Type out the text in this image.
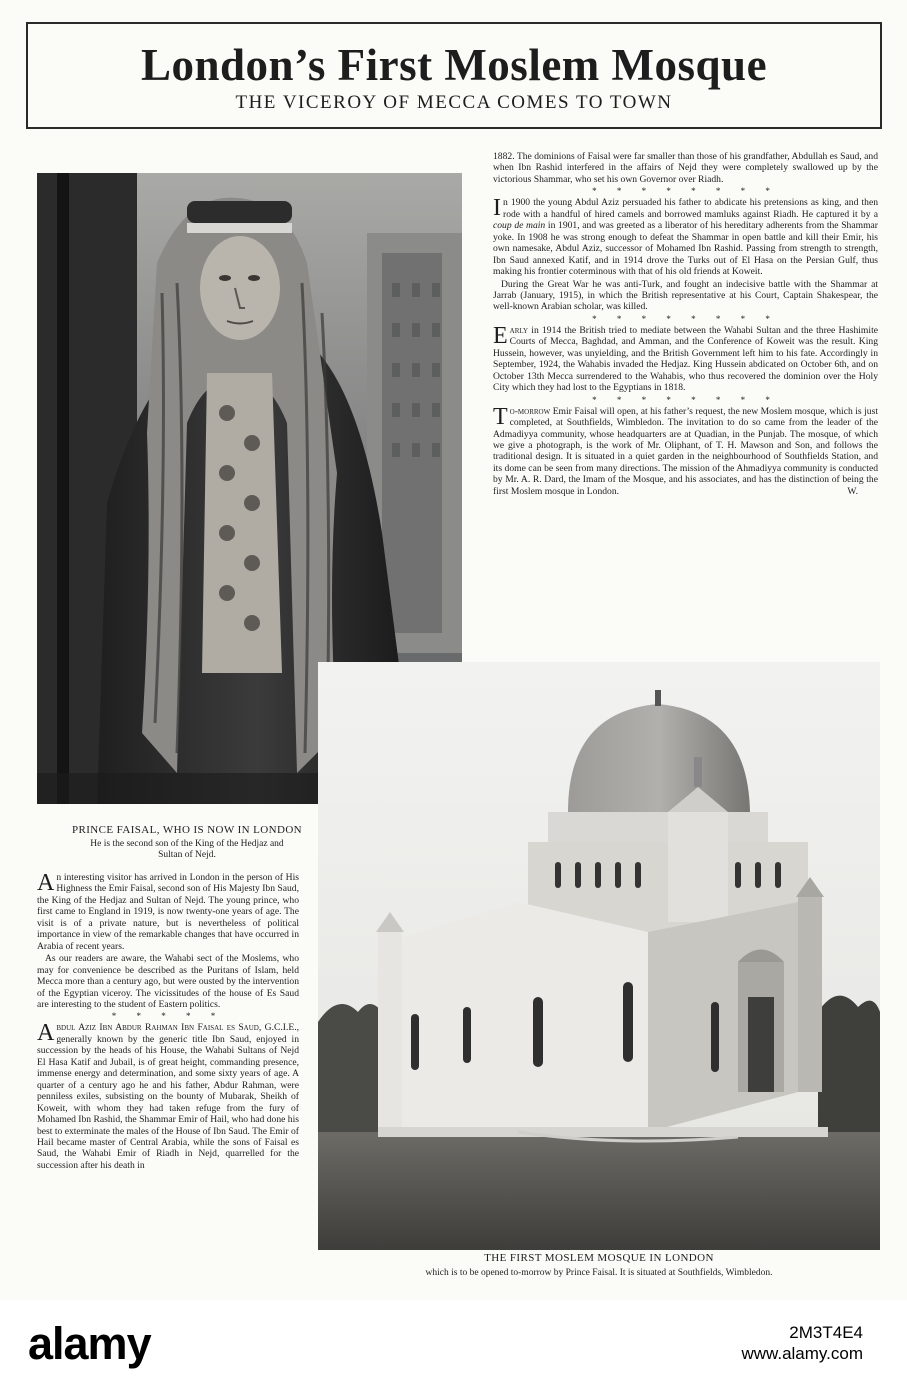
London’s First Moslem Mosque
THE VICEROY OF MECCA COMES TO TOWN
PRINCE FAISAL, WHO IS NOW IN LONDON
He is the second son of the King of the Hedjaz and
Sultan of Nejd.

1882. The dominions of Faisal were far smaller than those of his grandfather, Abdullah es Saud, and when Ibn Rashid interfered in the affairs of Nejd they were completely swallowed up by the victorious Shammar, who set his own Governor over Riadh.

* * * * * * * *

In 1900 the young Abdul Aziz persuaded his father to abdicate his pretensions as king, and then rode with a handful of hired camels and borrowed mamluks against Riadh. He captured it by a coup de main in 1901, and was greeted as a liberator of his hereditary adherents from the Shammar yoke. In 1908 he was strong enough to defeat the Shammar in open battle and kill their Emir, his own namesake, Abdul Aziz, successor of Mohamed Ibn Rashid. Passing from strength to strength, Ibn Saud annexed Katif, and in 1914 drove the Turks out of El Hasa on the Persian Gulf, thus making his frontier coterminous with that of his old friends at Koweit.

During the Great War he was anti-Turk, and fought an indecisive battle with the Shammar at Jarrab (January, 1915), in which the British representative at his Court, Captain Shakespear, the well-known Arabian scholar, was killed.

* * * * * * * *

Early in 1914 the British tried to mediate between the Wahabi Sultan and the three Hashimite Courts of Mecca, Baghdad, and Amman, and the Conference of Koweit was the result. King Hussein, however, was unyielding, and the British Government left him to his fate. Accordingly in September, 1924, the Wahabis invaded the Hedjaz. King Hussein abdicated on October 6th, and on October 13th Mecca surrendered to the Wahabis, who thus recovered the dominion over the Holy City which they had lost to the Egyptians in 1818.

* * * * * * * *

To-morrow Emir Faisal will open, at his father’s request, the new Moslem mosque, which is just completed, at Southfields, Wimbledon. The invitation to do so came from the leader of the Admadiyya community, whose headquarters are at Quadian, in the Punjab. The mosque, of which we give a photograph, is the work of Mr. Oliphant, of T. H. Mawson and Son, and follows the traditional design. It is situated in a quiet garden in the neighbourhood of Southfields Station, and its dome can be seen from many directions. The mission of the Ahmadiyya community is conducted by Mr. A. R. Dard, the Imam of the Mosque, and his associates, and has the distinction of being the first Moslem mosque in London.	W.

THE FIRST MOSLEM MOSQUE IN LONDON
which is to be opened to-morrow by Prince Faisal. It is situated at Southfields, Wimbledon.

An interesting visitor has arrived in London in the person of His Highness the Emir Faisal, second son of His Majesty Ibn Saud, the King of the Hedjaz and Sultan of Nejd. The young prince, who first came to England in 1919, is now twenty-one years of age. The visit is of a private nature, but is nevertheless of political importance in view of the remarkable changes that have occurred in Arabia of recent years.

As our readers are aware, the Wahabi sect of the Moslems, who may for convenience be described as the Puritans of Islam, held Mecca more than a century ago, but were ousted by the intervention of the Egyptian viceroy. The vicissitudes of the house of Es Saud are interesting to the student of Eastern politics.

* * * * *

Abdul Aziz Ibn Abdur Rahman Ibn Faisal es Saud, G.C.I.E., generally known by the generic title Ibn Saud, enjoyed in succession by the heads of his House, the Wahabi Sultans of Nejd El Hasa Katif and Jubail, is of great height, commanding presence, immense energy and determination, and some sixty years of age. A quarter of a century ago he and his father, Abdur Rahman, were penniless exiles, subsisting on the bounty of Mubarak, Sheikh of Koweit, with whom they had taken refuge from the fury of Mohamed Ibn Rashid, the Shammar Emir of Hail, who had done his best to exterminate the males of the House of Ibn Saud. The Emir of Hail became master of Central Arabia, while the sons of Faisal es Saud, the Wahabi Emir of Riadh in Nejd, quarrelled for the succession after his death in

alamy	2M3T4E4
www.alamy.com
